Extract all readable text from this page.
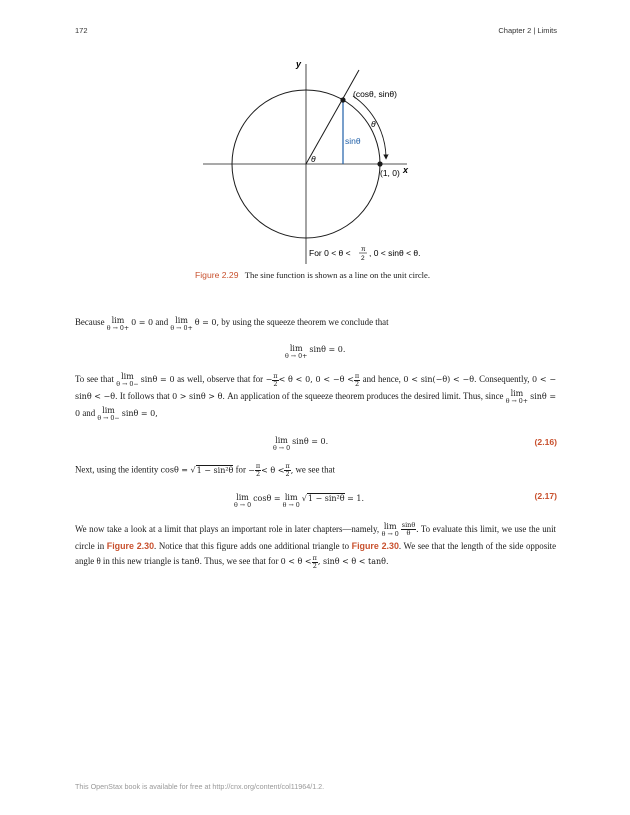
172	Chapter 2 | Limits
y
x
(cosθ, sinθ)
θ
sinθ
θ
(1, 0)
For 0 < θ < π
2
, 0 < sinθ < θ.
Figure 2.29 The sine function is shown as a line on the unit circle.
Because lim
θ → 0+
0 = 0 and lim
θ → 0+
θ = 0, by using the squeeze theorem we conclude that
lim
θ → 0+
sinθ = 0.
To see that lim
θ → 0−
sinθ = 0 as well, observe that for − $\frac{\pi}{2} < \theta < 0$, $0 < -\theta < \frac{\pi}{2}$ and hence, 0 < sin(−θ) < −θ. Consequently, 0 < − sinθ < −θ. It follows that 0 > sinθ > θ. An application of the squeeze theorem produces the desired limit. Thus, since lim
θ → 0+
sinθ = 0 and lim
θ → 0−
sinθ = 0,
lim
θ → 0
sinθ = 0.	(2.16)
Next, using the identity cosθ = √1 − sin²θ for − $\frac{\pi}{2} < \theta < \frac{\pi}{2}$ , we see that
lim
θ → 0
cosθ = lim
θ → 0
√1 − sin²θ = 1.	(2.17)
We now take a look at a limit that plays an important role in later chapters—namely, lim
$\theta \to 0 \frac{\sin\theta}{\theta}$ . To evaluate this limit, we use the unit circle in Figure 2.30. Notice that this figure adds one additional triangle to Figure 2.30. We see that the length of the side opposite angle θ in this new triangle is tanθ. Thus, we see that for $0 < \theta < \frac{\pi}{2}$ , sinθ < θ < tanθ.
This OpenStax book is available for free at http://cnx.org/content/col11964/1.2.
